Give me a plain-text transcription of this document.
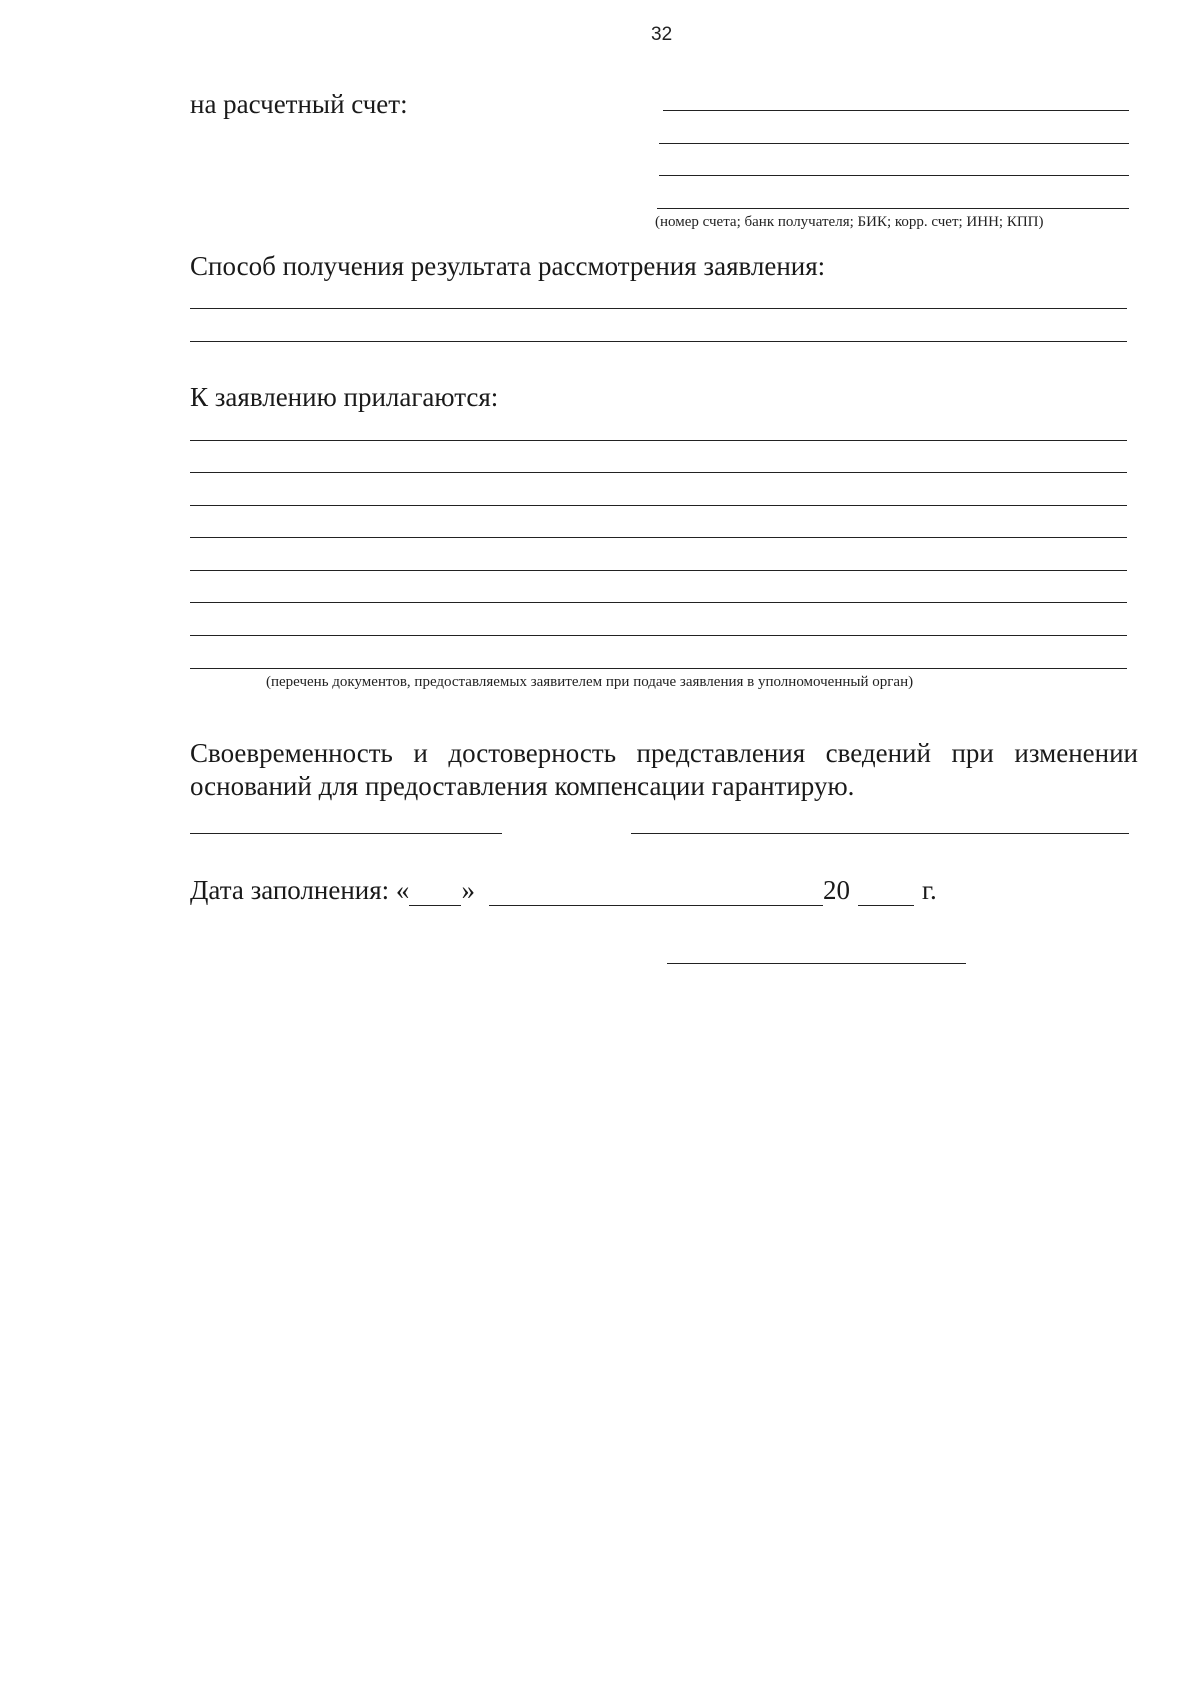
32
на расчетный счет:
(номер счета; банк получателя; БИК; корр. счет; ИНН; КПП)
Способ получения результата рассмотрения заявления:
К заявлению прилагаются:
(перечень документов, предоставляемых заявителем при подаче заявления в уполномоченный орган)
Своевременность и достоверность представления сведений при изменении оснований для предоставления компенсации гарантирую.
Дата заполнения: « »	20	г.
